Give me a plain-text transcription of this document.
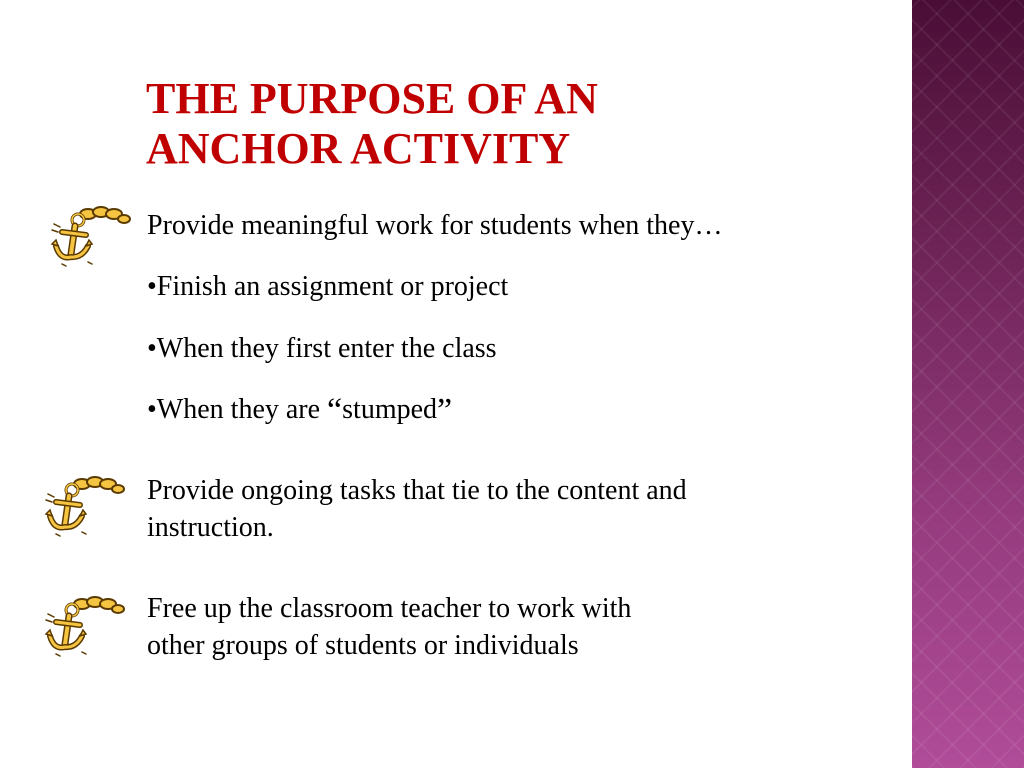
THE PURPOSE OF AN
ANCHOR ACTIVITY

Provide meaningful work for students when they…

•Finish an assignment or project

•When they first enter the class

•When they are “stumped”

Provide ongoing tasks that tie to the content and
instruction.

Free up the classroom teacher to work with
other groups of students or individuals
